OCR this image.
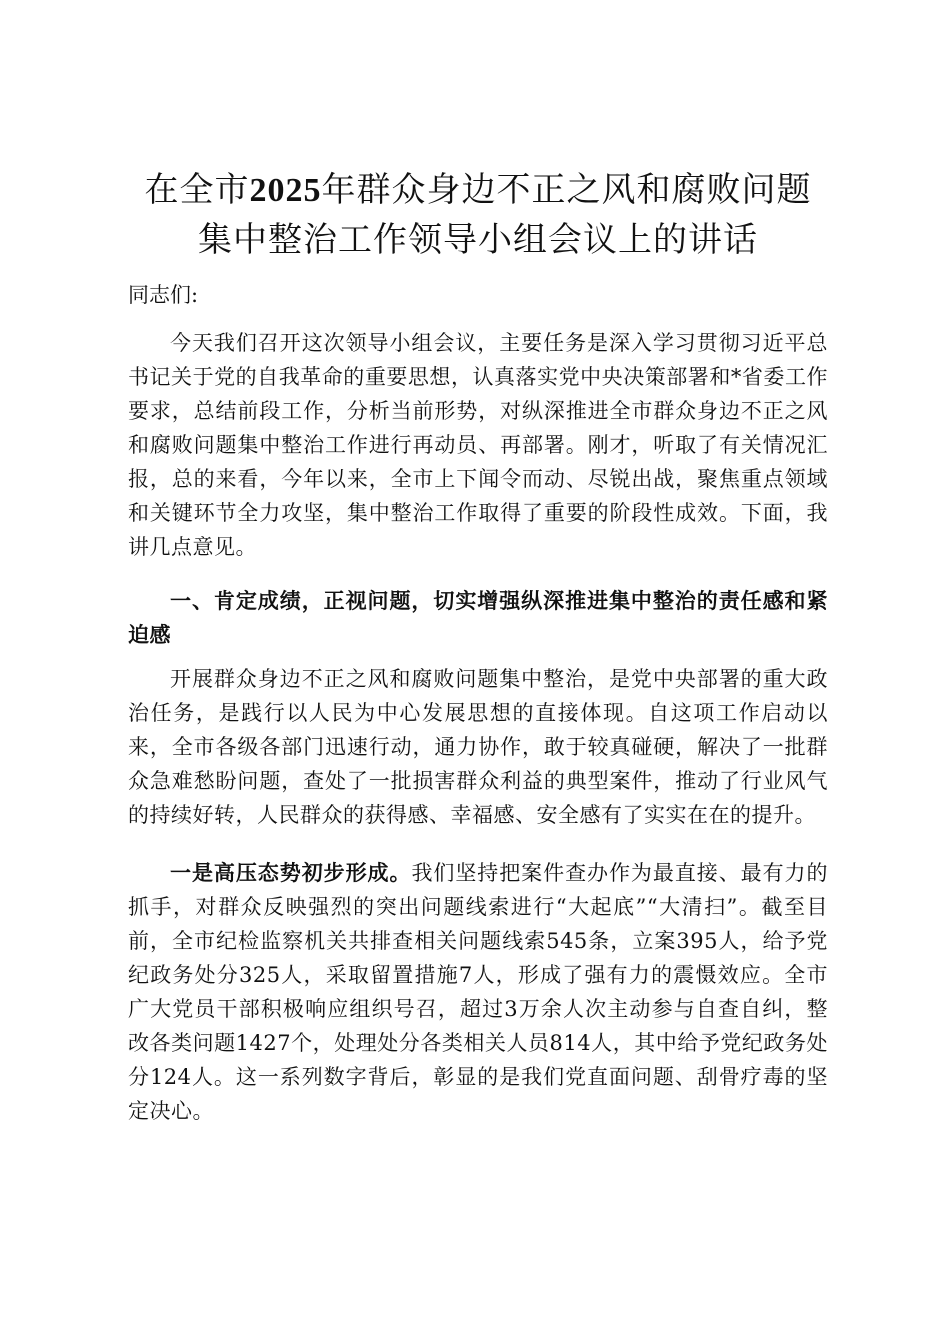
在全市2025年群众身边不正之风和腐败问题
集中整治工作领导小组会议上的讲话

同志们:

今天我们召开这次领导小组会议，主要任务是深入学习贯彻习近平总书记关于党的自我革命的重要思想，认真落实党中央决策部署和*省委工作要求，总结前段工作，分析当前形势，对纵深推进全市群众身边不正之风和腐败问题集中整治工作进行再动员、再部署。刚才，听取了有关情况汇报，总的来看，今年以来，全市上下闻令而动、尽锐出战，聚焦重点领域和关键环节全力攻坚，集中整治工作取得了重要的阶段性成效。下面，我讲几点意见。

一、肯定成绩，正视问题，切实增强纵深推进集中整治的责任感和紧迫感

开展群众身边不正之风和腐败问题集中整治，是党中央部署的重大政治任务，是践行以人民为中心发展思想的直接体现。自这项工作启动以来，全市各级各部门迅速行动，通力协作，敢于较真碰硬，解决了一批群众急难愁盼问题，查处了一批损害群众利益的典型案件，推动了行业风气的持续好转，人民群众的获得感、幸福感、安全感有了实实在在的提升。

一是高压态势初步形成。我们坚持把案件查办作为最直接、最有力的抓手，对群众反映强烈的突出问题线索进行“大起底”“大清扫”。截至目前，全市纪检监察机关共排查相关问题线索545条，立案395人，给予党纪政务处分325人，采取留置措施7人，形成了强有力的震慑效应。全市广大党员干部积极响应组织号召，超过3万余人次主动参与自查自纠，整改各类问题1427个，处理处分各类相关人员814人，其中给予党纪政务处分124人。这一系列数字背后，彰显的是我们党直面问题、刮骨疗毒的坚定决心。
